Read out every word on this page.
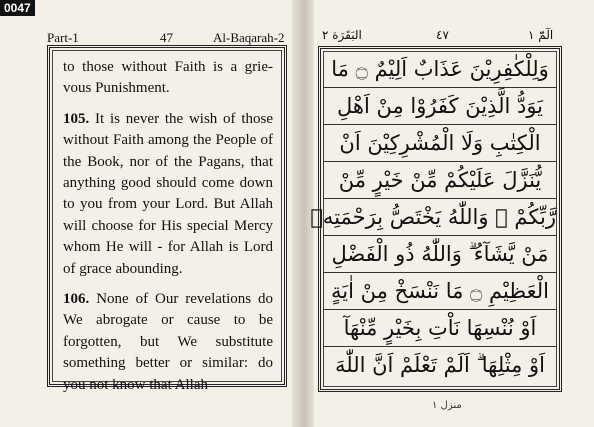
0047
Part-1	47	Al-Baqarah-2

to those without Faith is a grie-vous Punishment.

105. It is never the wish of those without Faith among the People of the Book, nor of the Pagans, that anything good should come down to you from your Lord. But Allah will choose for His special Mercy whom He will - for Allah is Lord of grace abounding.

106. None of Our revelations do We abrogate or cause to be forgotten, but We substitute something better or similar: do you not know that Allah

البَقَرَة ٢	٤٧	الٓمّٓ ١
وَلِلْكٰفِرِيْنَ عَذَابٌ اَلِيْمٌ ۝ مَا
يَوَدُّ الَّذِيْنَ كَفَرُوْا مِنْ اَهْلِ
الْكِتٰبِ وَلَا الْمُشْرِكِيْنَ اَنْ
يُّنَزَّلَ عَلَيْكُمْ مِّنْ خَيْرٍ مِّنْ
رَّبِّكُمْ ۗ وَاللّٰهُ يَخْتَصُّ بِرَحْمَتِهٖ
مَنْ يَّشَآءُ ۗ وَاللّٰهُ ذُو الْفَضْلِ
الْعَظِيْمِ ۝ مَا نَنْسَخْ مِنْ اٰيَةٍ
اَوْ نُنْسِهَا نَاْتِ بِخَيْرٍ مِّنْهَآ
اَوْ مِثْلِهَا ۗ اَلَمْ تَعْلَمْ اَنَّ اللّٰهَ
منزل ١
